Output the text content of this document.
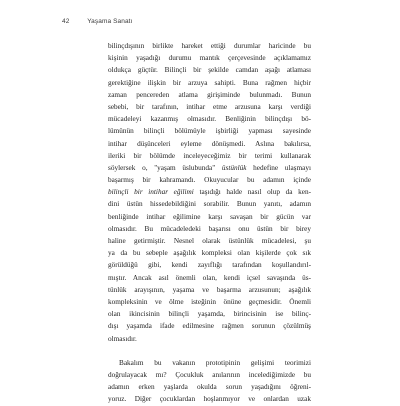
42	Yaşama Sanatı
bilinçdışının birlikte hareket ettiği durumlar haricinde bu
kişinin yaşadığı durumu mantık çerçevesinde açıklamamız
oldukça güçtür. Bilinçli bir şekilde camdan aşağı atlaması
gerektiğine ilişkin bir arzuya sahipti. Buna rağmen hiçbir
zaman pencereden atlama girişiminde bulunmadı. Bunun
sebebi, bir tarafının, intihar etme arzusuna karşı verdiği
mücadeleyi kazanmış olmasıdır. Benliğinin bilinçdışı bö-
lümünün bilinçli bölümüyle işbirliği yapması sayesinde
intihar düşünceleri eyleme dönüşmedi. Aslına bakılırsa,
ileriki bir bölümde inceleyeceğimiz bir terimi kullanarak
söylersek o, "yaşam üslubunda" üstünlük hedefine ulaşmayı
başarmış bir kahramandı. Okuyucular bu adamın içinde
bilinçli bir intihar eğilimi taşıdığı halde nasıl olup da ken-
dini üstün hissedebildiğini sorabilir. Bunun yanıtı, adamın
benliğinde intihar eğilimine karşı savaşan bir gücün var
olmasıdır. Bu mücadeledeki başarısı onu üstün bir birey
haline getirmiştir. Nesnel olarak üstünlük mücadelesi, şu
ya da bu sebeple aşağılık kompleksi olan kişilerde çok sık
görüldüğü gibi, kendi zayıflığı tarafından koşullandırıl-
mıştır. Ancak asıl önemli olan, kendi içsel savaşında üs-
tünlük arayışının, yaşama ve başarma arzusunun; aşağılık
kompleksinin ve ölme isteğinin önüne geçmesidir. Önemli
olan ikincisinin bilinçli yaşamda, birincisinin ise bilinç-
dışı yaşamda ifade edilmesine rağmen sorunun çözülmüş
olmasıdır.
Bakalım bu vakanın prototipinin gelişimi teorimizi
doğrulayacak mı? Çocukluk anılarının incelediğimizde bu
adamın erken yaşlarda okulda sorun yaşadığını öğreni-
yoruz. Diğer çocuklardan hoşlanmıyor ve onlardan uzak
